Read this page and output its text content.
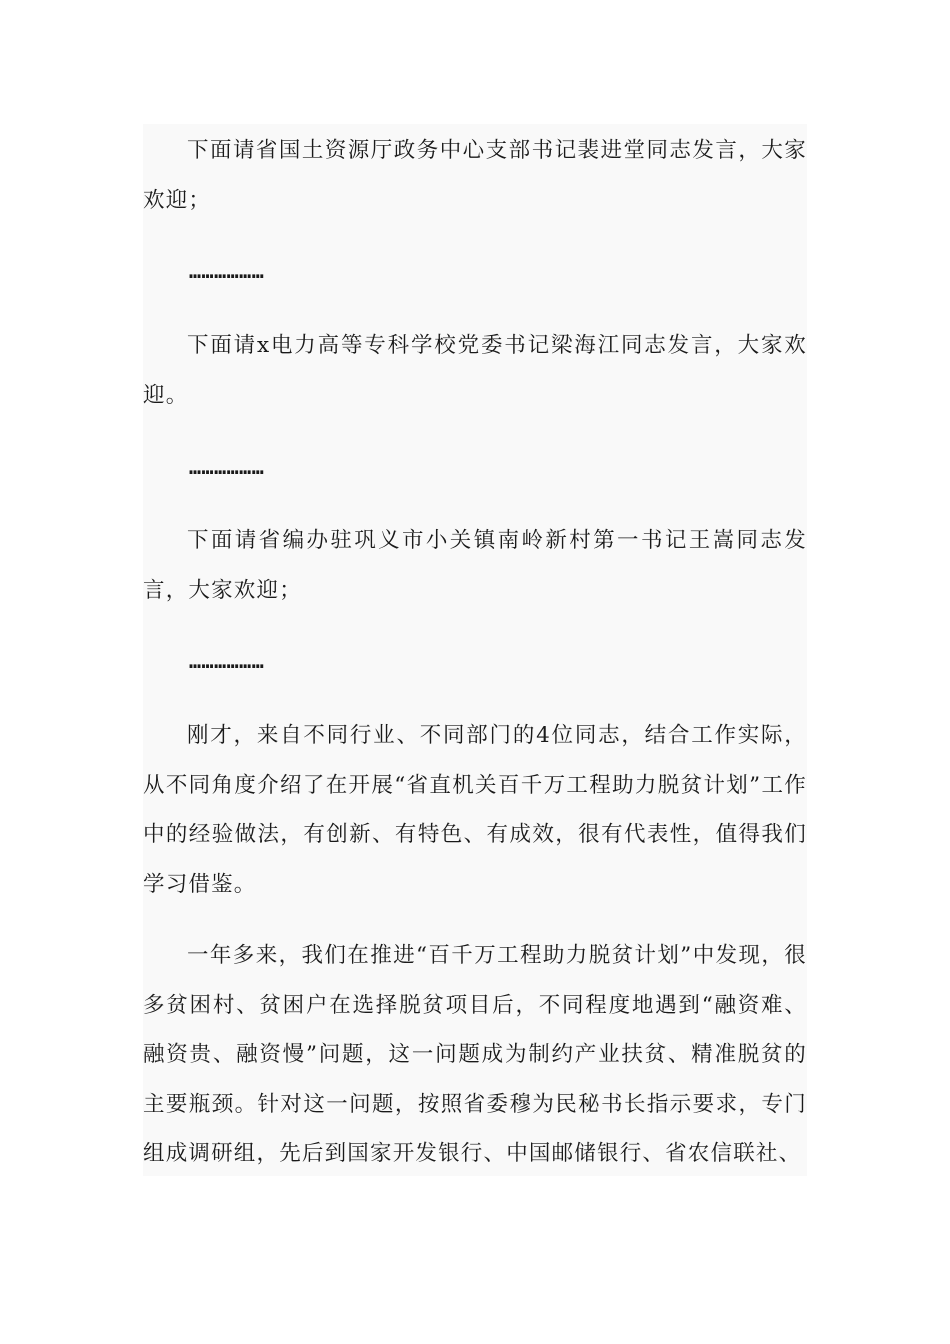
下面请省国土资源厅政务中心支部书记裴进堂同志发言，大家欢迎；

………………

下面请x电力高等专科学校党委书记梁海江同志发言，大家欢迎。

………………

下面请省编办驻巩义市小关镇南岭新村第一书记王嵩同志发言，大家欢迎；

………………

刚才，来自不同行业、不同部门的4位同志，结合工作实际，从不同角度介绍了在开展“省直机关百千万工程助力脱贫计划”工作中的经验做法，有创新、有特色、有成效，很有代表性，值得我们学习借鉴。

一年多来，我们在推进“百千万工程助力脱贫计划”中发现，很多贫困村、贫困户在选择脱贫项目后，不同程度地遇到“融资难、融资贵、融资慢”问题，这一问题成为制约产业扶贫、精准脱贫的主要瓶颈。针对这一问题，按照省委穆为民秘书长指示要求，专门组成调研组，先后到国家开发银行、中国邮储银行、省农信联社、
